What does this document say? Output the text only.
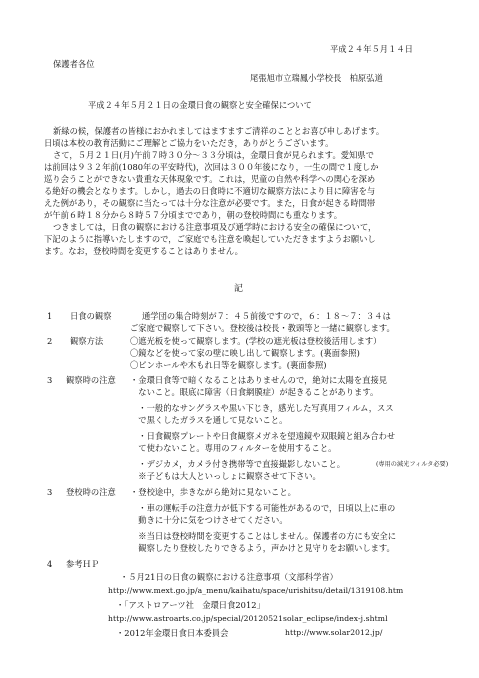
平成２４年５月１４日
保護者各位
尾張旭市立瑞鳳小学校長　柏原弘道
平成２４年５月２１日の金環日食の観察と安全確保について
新緑の候，保護者の皆様におかれましてはますますご清祥のこととお喜び申しあげます。
日頃は本校の教育活動にご理解とご協力をいただき，ありがとうございます。
さて，５月２１日(月)午前７時３０分～３３分頃は，金環日食が見られます。愛知県で
は前回は９３２年前(1080年の平安時代)，次回は３００年後になり，一生の間で１度しか
巡り会うことができない貴重な天体現象です。これは，児童の自然や科学への関心を深め
る絶好の機会となります。しかし，過去の日食時に不適切な観察方法により目に障害を与
えた例があり，その観察に当たっては十分な注意が必要です。また，日食が起きる時間帯
が午前６時１８分から８時５７分頃までであり，朝の登校時間にも重なります。
つきましては，日食の観察における注意事項及び通学時における安全の確保について，
下記のように指導いたしますので，ご家庭でも注意を喚起していただきますようお願いし
ます。なお，登校時間を変更することはありません。
記
1 日食の観察	通学団の集合時刻が７：４５前後ですので，６：１８～７：３４は
ご家庭で観察して下さい。登校後は校長・教頭等と一緒に観察します。
2 観察方法	〇遮光板を使って観察します。(学校の遮光板は登校後活用します）
〇鏡などを使って家の壁に映し出して観察します。(裏面参照)
〇ピンホールや木もれ日等を観察します。(裏面参照)
3 観察時の注意 ・金環日食等で暗くなることはありませんので，絶対に太陽を直接見
　ないこと。眼底に障害（日食網膜症）が起きることがあります。
　・一般的なサングラスや黒い下じき，感光した写真用フィルム，スス
　で黒くしたガラスを通して見ないこと。
　・日食観察プレートや日食観察メガネを望遠鏡や双眼鏡と組み合わせ
　て使わないこと。専用のフィルターを使用すること。
　・デジカメ，カメラ付き携帯等で直接撮影しないこと。	(専用の減光フィルタ必要)
　※子どもは大人といっしょに観察させて下さい。
3 登校時の注意 ・登校途中，歩きながら絶対に見ないこと。
　・車の運転手の注意力が低下する可能性があるので，日頃以上に車の
　動きに十分に気をつけさせてください。
　※当日は登校時間を変更することはしません。保護者の方にも安全に
　観察したり登校したりできるよう，声かけと見守りをお願いします。
4 参考ＨＰ
・５月21日の日食の観察における注意事項（文部科学省）
http://www.mext.go.jp/a_menu/kaihatu/space/urishitsu/detail/1319108.htm
・「アストロアーツ社　金環日食2012」
http://www.astroarts.co.jp/special/20120521solar_eclipse/index-j.shtml
・2012年金環日食日本委員会	http://www.solar2012.jp/
